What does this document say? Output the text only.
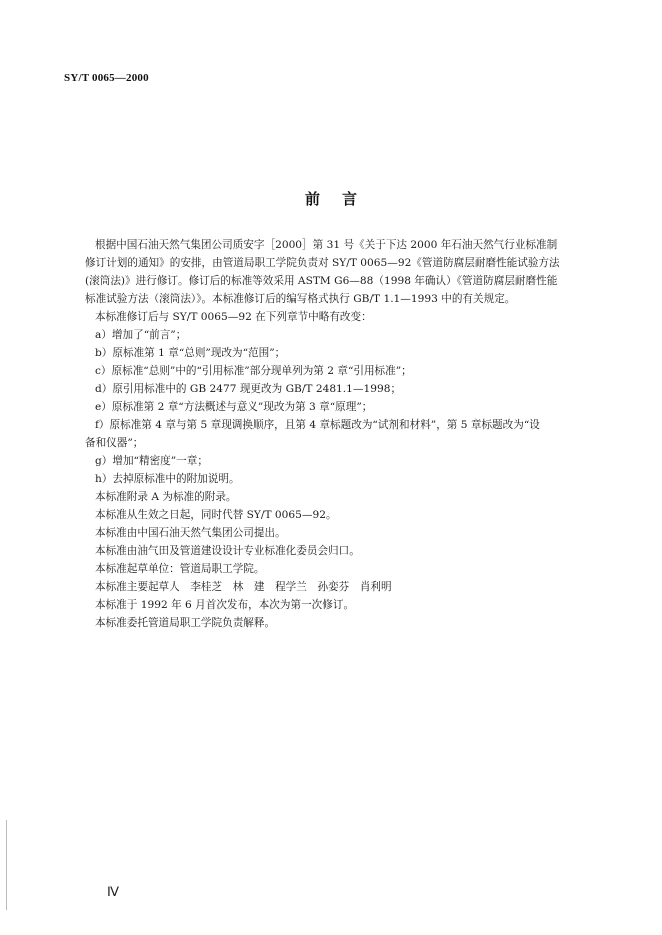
SY/T 0065—2000
前言
根据中国石油天然气集团公司质安字［2000］第 31 号《关于下达 2000 年石油天然气行业标准制
修订计划的通知》的安排，由管道局职工学院负责对 SY/T 0065—92《管道防腐层耐磨性能试验方法
(滚筒法)》进行修订。修订后的标准等效采用 ASTM G6—88（1998 年确认）《管道防腐层耐磨性能
标准试验方法（滚筒法）》。本标准修订后的编写格式执行 GB/T 1.1—1993 中的有关规定。
本标准修订后与 SY/T 0065—92 在下列章节中略有改变：
a）增加了“前言”；
b）原标准第 1 章“总则”现改为“范围”；
c）原标准“总则”中的“引用标准”部分现单列为第 2 章“引用标准”；
d）原引用标准中的 GB 2477 现更改为 GB/T 2481.1—1998；
e）原标准第 2 章“方法概述与意义”现改为第 3 章“原理”；
f）原标准第 4 章与第 5 章现调换顺序，且第 4 章标题改为“试剂和材料”，第 5 章标题改为“设
备和仪器”；
g）增加“精密度”一章；
h）去掉原标准中的附加说明。
本标准附录 A 为标准的附录。
本标准从生效之日起，同时代替 SY/T 0065—92。
本标准由中国石油天然气集团公司提出。
本标准由油气田及管道建设设计专业标准化委员会归口。
本标准起草单位：管道局职工学院。
本标准主要起草人　李桂芝　林　建　程学兰　孙娈芬　肖利明
本标准于 1992 年 6 月首次发布，本次为第一次修订。
本标准委托管道局职工学院负责解释。
Ⅳ
